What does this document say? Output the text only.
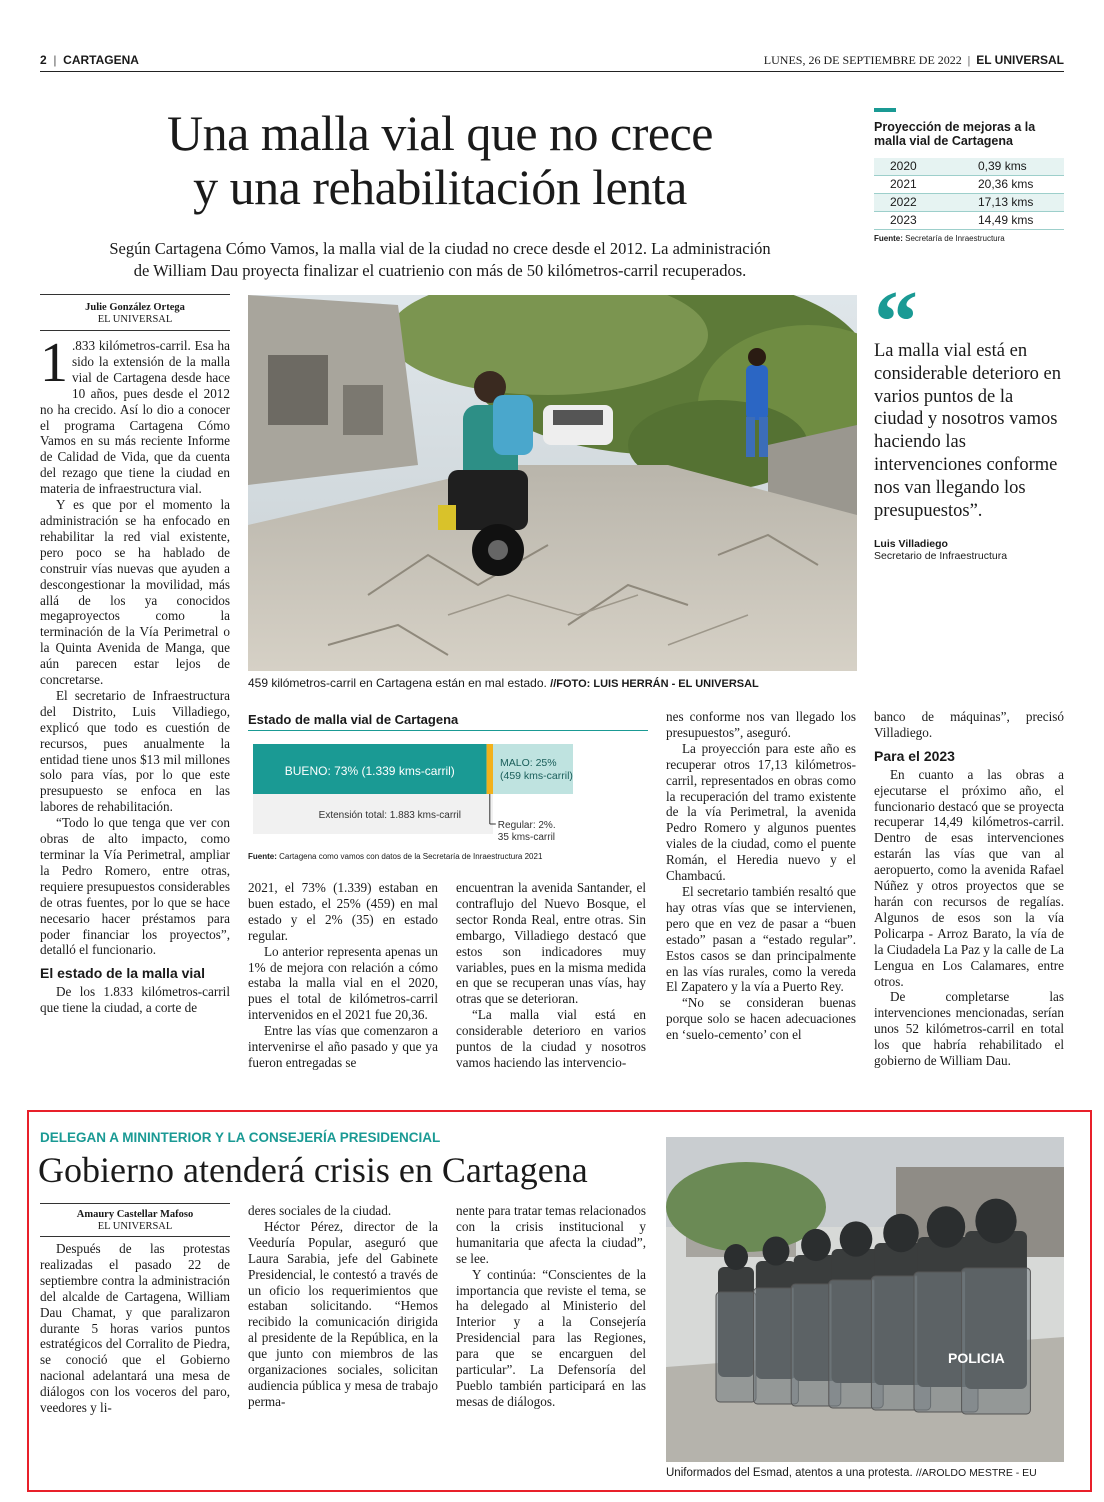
2  |  CARTAGENA	LUNES, 26 DE SEPTIEMBRE DE 2022  |  EL UNIVERSAL
Una malla vial que no crece
y una rehabilitación lenta
Según Cartagena Cómo Vamos, la malla vial de la ciudad no crece desde el 2012. La administración
de William Dau proyecta finalizar el cuatrienio con más de 50 kilómetros-carril recuperados.
Proyección de mejoras a la malla vial de Cartagena
2020	0,39 kms
2021	20,36 kms
2022	17,13 kms
2023	14,49 kms
Fuente: Secretaría de Inraestructura
Julie González Ortega
EL UNIVERSAL
1 .833 kilómetros-carril. Esa ha sido la extensión de la malla vial de Cartagena desde hace 10 años, pues desde el 2012 no ha crecido. Así lo dio a conocer el programa Cartagena Cómo Vamos en su más reciente Informe de Calidad de Vida, que da cuenta del rezago que tiene la ciudad en materia de infraestructura vial.

Y es que por el momento la administración se ha enfocado en rehabilitar la red vial existente, pero poco se ha hablado de construir vías nuevas que ayuden a descongestionar la movilidad, más allá de los ya conocidos megaproyectos como la terminación de la Vía Perimetral o la Quinta Avenida de Manga, que aún parecen estar lejos de concretarse.

El secretario de Infraestructura del Distrito, Luis Villadiego, explicó que todo es cuestión de recursos, pues anualmente la entidad tiene unos $13 mil millones solo para vías, por lo que este presupuesto se enfoca en las labores de rehabilitación.

“Todo lo que tenga que ver con obras de alto impacto, como terminar la Vía Perimetral, ampliar la Pedro Romero, entre otras, requiere presupuestos considerables de otras fuentes, por lo que se hace necesario hacer préstamos para poder financiar los proyectos”, detalló el funcionario.

El estado de la malla vial

De los 1.833 kilómetros-carril que tiene la ciudad, a corte de

459 kilómetros-carril en Cartagena están en mal estado. //FOTO: LUIS HERRÁN - EL UNIVERSAL
“
La malla vial está en considerable deterioro en varios puntos de la ciudad y nosotros vamos haciendo las intervenciones conforme nos van llegando los presupuestos”.
Luis Villadiego
Secretario de Infraestructura
Estado de malla vial de Cartagena
BUENO: 73% (1.339 kms-carril)
MALO: 25%
(459 kms-carril)
Extensión total: 1.883 kms-carril
Regular: 2%.
35 kms-carril
Fuente: Cartagena como vamos con datos de la Secretaría de Inraestructura 2021

2021, el 73% (1.339) estaban en buen estado, el 25% (459) en mal estado y el 2% (35) en estado regular.

Lo anterior representa apenas un 1% de mejora con relación a cómo estaba la malla vial en el 2020, pues el total de kilómetros-carril intervenidos en el 2021 fue 20,36.

Entre las vías que comenzaron a intervenirse el año pasado y que ya fueron entregadas se

encuentran la avenida Santander, el contraflujo del Nuevo Bosque, el sector Ronda Real, entre otras. Sin embargo, Villadiego destacó que estos son indicadores muy variables, pues en la misma medida en que se recuperan unas vías, hay otras que se deterioran.

“La malla vial está en considerable deterioro en varios puntos de la ciudad y nosotros vamos haciendo las intervencio-

nes conforme nos van llegado los presupuestos”, aseguró.

La proyección para este año es recuperar otros 17,13 kilómetros-carril, representados en obras como la recuperación del tramo existente de la vía Perimetral, la avenida Pedro Romero y algunos puentes viales de la ciudad, como el puente Román, el Heredia nuevo y el Chambacú.

El secretario también resaltó que hay otras vías que se intervienen, pero que en vez de pasar a “buen estado” pasan a “estado regular”. Estos casos se dan principalmente en las vías rurales, como la vereda El Zapatero y la vía a Puerto Rey.

“No se consideran buenas porque solo se hacen adecuaciones en ‘suelo-cemento’ con el

banco de máquinas”, precisó Villadiego.

Para el 2023

En cuanto a las obras a ejecutarse el próximo año, el funcionario destacó que se proyecta recuperar 14,49 kilómetros-carril. Dentro de esas intervenciones estarán las vías que van al aeropuerto, como la avenida Rafael Núñez y otros proyectos que se harán con recursos de regalías. Algunos de esos son la vía Policarpa - Arroz Barato, la vía de la Ciudadela La Paz y la calle de La Lengua en Los Calamares, entre otros.

De completarse las intervenciones mencionadas, serían unos 52 kilómetros-carril en total los que habría rehabilitado el gobierno de William Dau.

DELEGAN A MININTERIOR Y LA CONSEJERÍA PRESIDENCIAL
Gobierno atenderá crisis en Cartagena
Amaury Castellar Mafoso
EL UNIVERSAL

Después de las protestas realizadas el pasado 22 de septiembre contra la administración del alcalde de Cartagena, William Dau Chamat, y que paralizaron durante 5 horas varios puntos estratégicos del Corralito de Piedra, se conoció que el Gobierno nacional adelantará una mesa de diálogos con los voceros del paro, veedores y li-

deres sociales de la ciudad.

Héctor Pérez, director de la Veeduría Popular, aseguró que Laura Sarabia, jefe del Gabinete Presidencial, le contestó a través de un oficio los requerimientos que estaban solicitando. “Hemos recibido la comunicación dirigida al presidente de la República, en la que junto con miembros de las organizaciones sociales, solicitan audiencia pública y mesa de trabajo perma-

nente para tratar temas relacionados con la crisis institucional y humanitaria que afecta la ciudad”, se lee.

Y continúa: “Conscientes de la importancia que reviste el tema, se ha delegado al Ministerio del Interior y a la Consejería Presidencial para las Regiones, para que se encarguen del particular”. La Defensoría del Pueblo también participará en las mesas de diálogos.

POLICIA
Uniformados del Esmad, atentos a una protesta. //AROLDO MESTRE - EU
